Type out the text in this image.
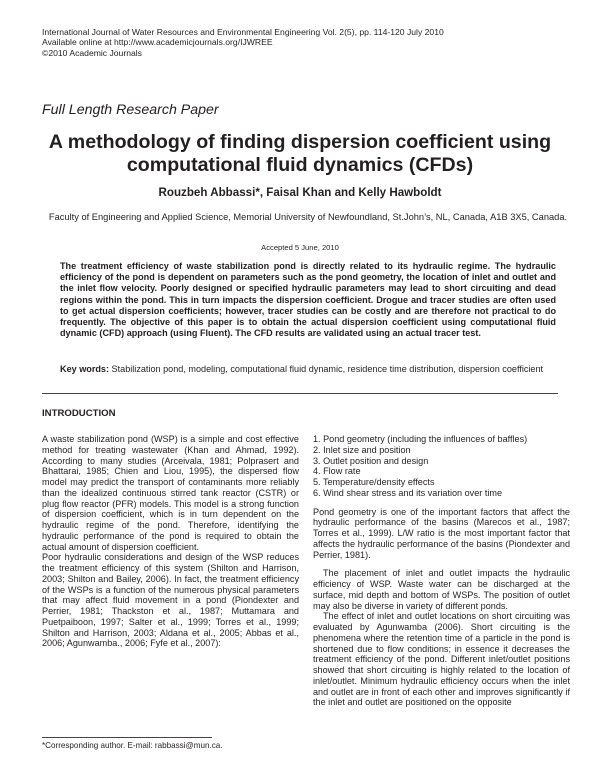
International Journal of Water Resources and Environmental Engineering Vol. 2(5), pp. 114-120 July 2010
Available online at http://www.academicjournals.org/IJWREE
©2010 Academic Journals
Full Length Research Paper
A methodology of finding dispersion coefficient using computational fluid dynamics (CFDs)
Rouzbeh Abbassi*, Faisal Khan and Kelly Hawboldt
Faculty of Engineering and Applied Science, Memorial University of Newfoundland, St.John’s, NL, Canada, A1B 3X5, Canada.
Accepted 5 June, 2010
The treatment efficiency of waste stabilization pond is directly related to its hydraulic regime. The hydraulic efficiency of the pond is dependent on parameters such as the pond geometry, the location of inlet and outlet and the inlet flow velocity. Poorly designed or specified hydraulic parameters may lead to short circuiting and dead regions within the pond. This in turn impacts the dispersion coefficient. Drogue and tracer studies are often used to get actual dispersion coefficients; however, tracer studies can be costly and are therefore not practical to do frequently. The objective of this paper is to obtain the actual dispersion coefficient using computational fluid dynamic (CFD) approach (using Fluent). The CFD results are validated using an actual tracer test.
Key words: Stabilization pond, modeling, computational fluid dynamic, residence time distribution, dispersion coefficient
INTRODUCTION

A waste stabilization pond (WSP) is a simple and cost effective method for treating wastewater (Khan and Ahmad, 1992). According to many studies (Arceivala, 1981; Polprasert and Bhattarai, 1985; Chien and Liou, 1995), the dispersed flow model may predict the transport of contaminants more reliably than the idealized continuous stirred tank reactor (CSTR) or plug flow reactor (PFR) models. This model is a strong function of dispersion coefficient, which is in turn dependent on the hydraulic regime of the pond. Therefore, identifying the hydraulic performance of the pond is required to obtain the actual amount of dispersion coefficient.

Poor hydraulic considerations and design of the WSP reduces the treatment efficiency of this system (Shilton and Harrison, 2003; Shilton and Bailey, 2006). In fact, the treatment efficiency of the WSPs is a function of the numerous physical parameters that may affect fluid movement in a pond (Piondexter and Perrier, 1981; Thackston et al., 1987; Muttamara and Puetpaiboon, 1997; Salter et al., 1999; Torres et al., 1999; Shilton and Harrison, 2003; Aldana et al., 2005; Abbas et al., 2006; Agunwamba., 2006; Fyfe et al., 2007):

1. Pond geometry (including the influences of baffles)
2. Inlet size and position
3. Outlet position and design
4. Flow rate
5. Temperature/density effects
6. Wind shear stress and its variation over time

Pond geometry is one of the important factors that affect the hydraulic performance of the basins (Marecos et al., 1987; Torres et al., 1999). L/W ratio is the most important factor that affects the hydraulic performance of the basins (Piondexter and Perrier, 1981).

The placement of inlet and outlet impacts the hydraulic efficiency of WSP. Waste water can be discharged at the surface, mid depth and bottom of WSPs. The position of outlet may also be diverse in variety of different ponds.

The effect of inlet and outlet locations on short circuiting was evaluated by Agunwamba (2006). Short circuiting is the phenomena where the retention time of a particle in the pond is shortened due to flow conditions; in essence it decreases the treatment efficiency of the pond. Different inlet/outlet positions showed that short circuiting is highly related to the location of inlet/outlet. Minimum hydraulic efficiency occurs when the inlet and outlet are in front of each other and improves significantly if the inlet and outlet are positioned on the opposite

*Corresponding author. E-mail: rabbassi@mun.ca.
